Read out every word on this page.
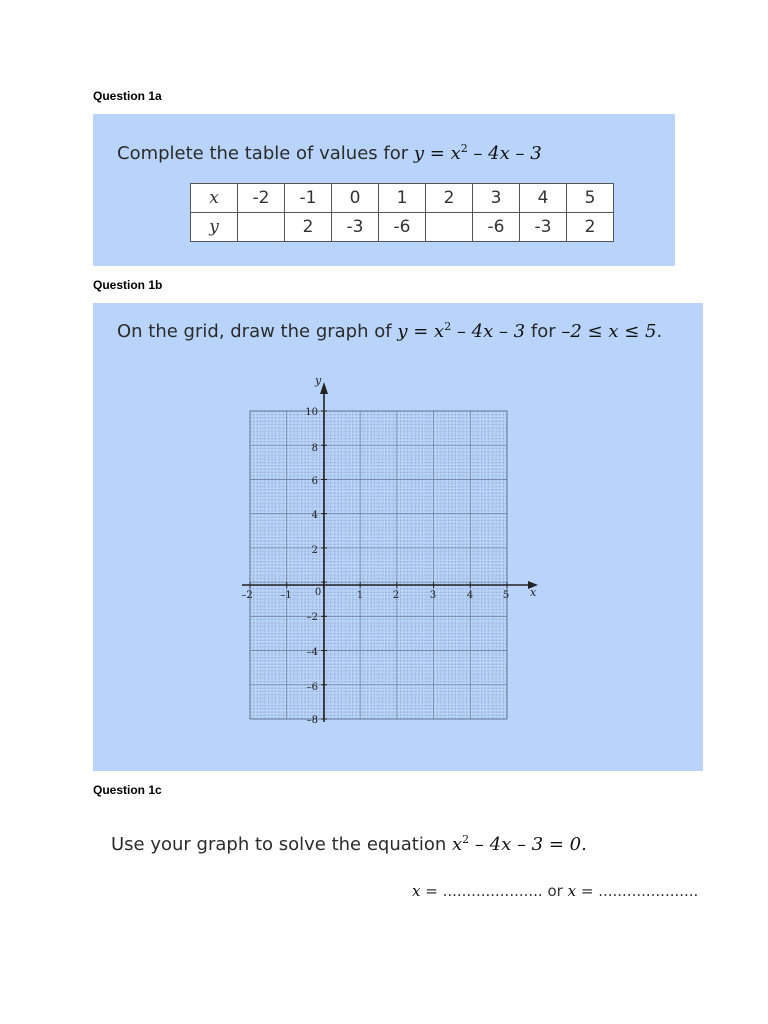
Question 1a
Complete the table of values for $y = x^2 - 4x - 3$
x	-2	-1	0	1	2	3	4	5
y		2	-3	-6		-6	-3	2
Question 1b
On the grid, draw the graph of $y = x^2 - 4x - 3$ for –2 ≤ x ≤ 5.
x
y
–2	–1 0	1	2	3	4	5
10
8
6
4
2
–2
–4
–6
–8
Question 1c
Use your graph to solve the equation $x^2 - 4x - 3 = 0$.
x = ..................... or x = .....................
